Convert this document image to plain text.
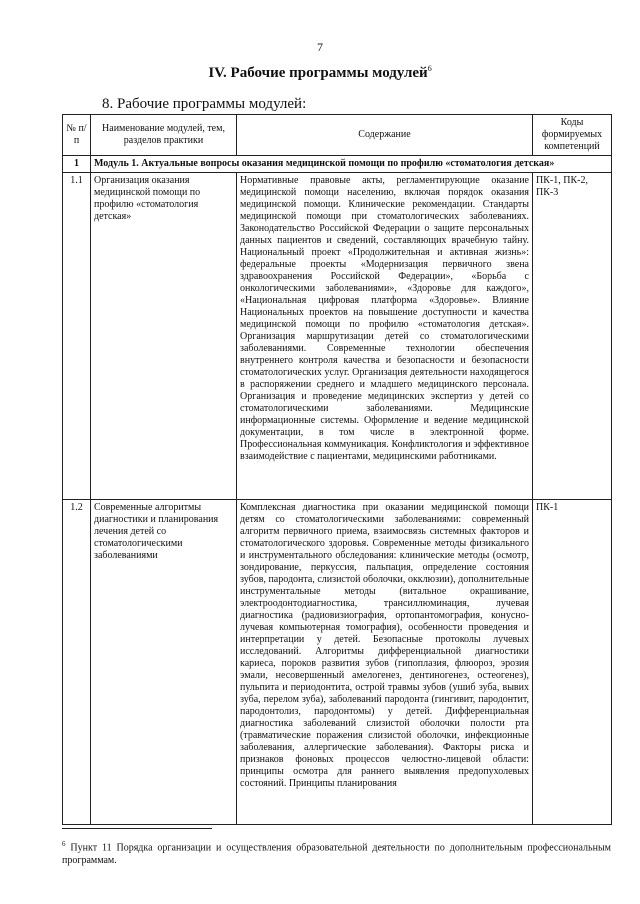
7
IV. Рабочие программы модулей$^6$
8. Рабочие программы модулей:
№ п/п	Наименование модулей, тем, разделов практики	Содержание	Коды формируемых компетенций
1	Модуль 1. Актуальные вопросы оказания медицинской помощи по профилю «стоматология детская»		
1.1	Организация оказания медицинской помощи по профилю «стоматология детская»	Нормативные правовые акты, регламентирующие оказание медицинской помощи населению, включая порядок оказания медицинской помощи. Клинические рекомендации. Стандарты медицинской помощи при стоматологических заболеваниях. Законодательство Российской Федерации о защите персональных данных пациентов и сведений, составляющих врачебную тайну. Национальный проект «Продолжительная и активная жизнь»: федеральные проекты «Модернизация первичного звена здравоохранения Российской Федерации», «Борьба с онкологическими заболеваниями», «Здоровье для каждого», «Национальная цифровая платформа «Здоровье». Влияние Национальных проектов на повышение доступности и качества медицинской помощи по профилю «стоматология детская». Организация маршрутизации детей со стоматологическими заболеваниями. Современные технологии обеспечения внутреннего контроля качества и безопасности и безопасности стоматологических услуг. Организация деятельности находящегося в распоряжении среднего и младшего медицинского персонала. Организация и проведение медицинских экспертиз у детей со стоматологическими заболеваниями. Медицинские информационные системы. Оформление и ведение медицинской документации, в том числе в электронной форме. Профессиональная коммуникация. Конфликтология и эффективное взаимодействие с пациентами, медицинскими работниками.	ПК-1, ПК-2, ПК-3
1.2	Современные алгоритмы диагностики и планирования лечения детей со стоматологическими заболеваниями	Комплексная диагностика при оказании медицинской помощи детям со стоматологическими заболеваниями: современный алгоритм первичного приема, взаимосвязь системных факторов и стоматологического здоровья. Современные методы физикального и инструментального обследования: клинические методы (осмотр, зондирование, перкуссия, пальпация, определение состояния зубов, пародонта, слизистой оболочки, окклюзии), дополнительные инструментальные методы (витальное окрашивание, электроодонтодиагностика, трансиллюминация, лучевая диагностика (радиовизиография, ортопантомография, конусно-лучевая компьютерная томография), особенности проведения и интерпретации у детей. Безопасные протоколы лучевых исследований. Алгоритмы дифференциальной диагностики кариеса, пороков развития зубов (гипоплазия, флюороз, эрозия эмали, несовершенный амелогенез, дентиногенез, остеогенез), пульпита и периодонтита, острой травмы зубов (ушиб зуба, вывих зуба, перелом зуба), заболеваний пародонта (гингивит, пародонтит, пародонтолиз, пародонтомы) у детей. Дифференциальная диагностика заболеваний слизистой оболочки полости рта (травматические поражения слизистой оболочки, инфекционные заболевания, аллергические заболевания). Факторы риска и признаков фоновых процессов челюстно-лицевой области: принципы осмотра для раннего выявления предопухолевых состояний. Принципы планирования	ПК-1
$^6$ Пункт 11 Порядка организации и осуществления образовательной деятельности по дополнительным профессиональным программам.
